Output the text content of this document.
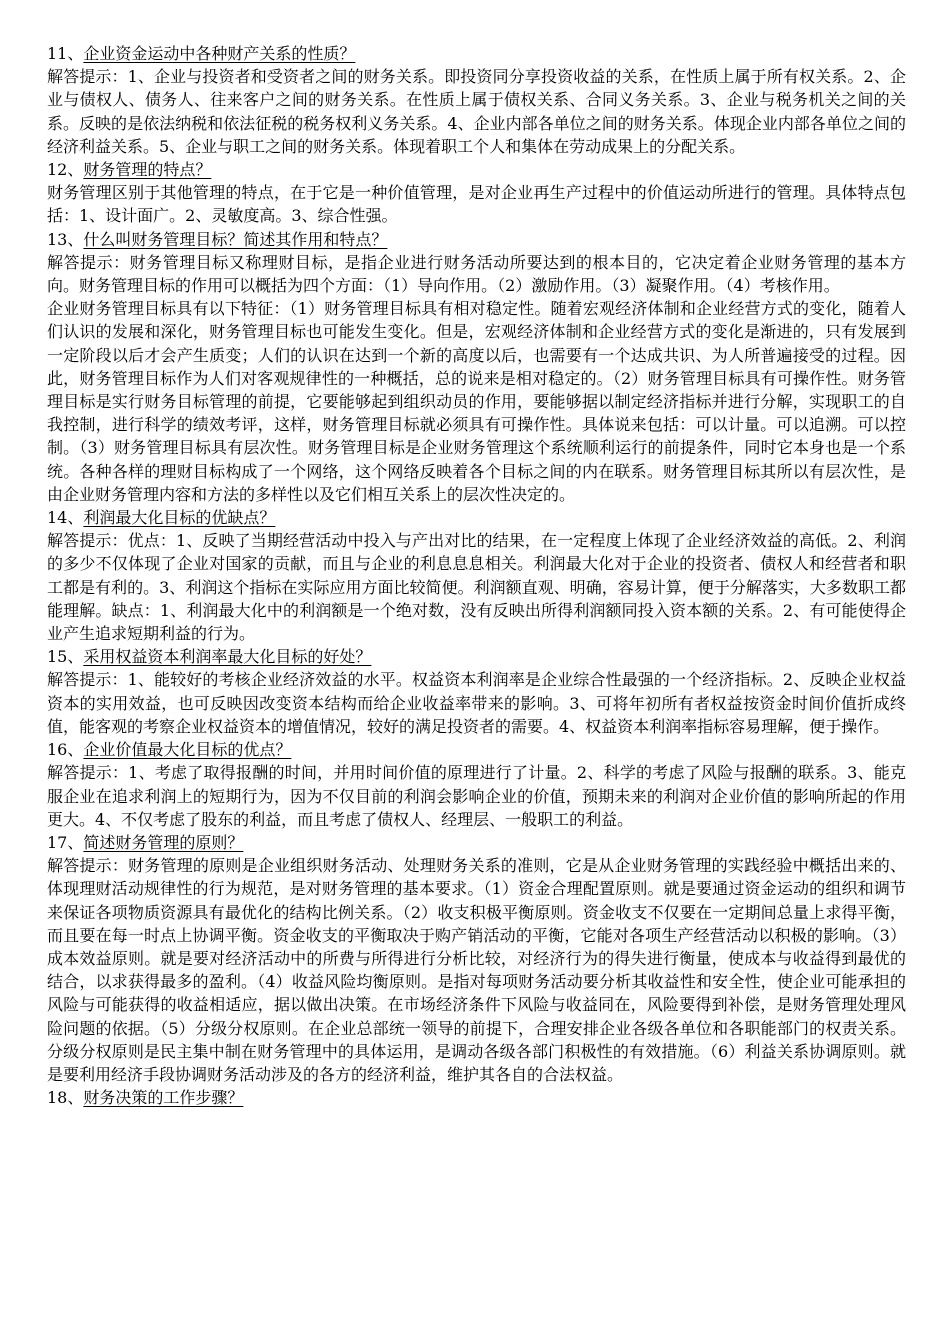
11、企业资金运动中各种财产关系的性质？

解答提示：1、企业与投资者和受资者之间的财务关系。即投资同分享投资收益的关系，在性质上属于所有权关系。2、企业与债权人、债务人、往来客户之间的财务关系。在性质上属于债权关系、合同义务关系。3、企业与税务机关之间的关系。反映的是依法纳税和依法征税的税务权利义务关系。4、企业内部各单位之间的财务关系。体现企业内部各单位之间的经济利益关系。5、企业与职工之间的财务关系。体现着职工个人和集体在劳动成果上的分配关系。

12、财务管理的特点？

财务管理区别于其他管理的特点，在于它是一种价值管理，是对企业再生产过程中的价值运动所进行的管理。具体特点包括：1、设计面广。2、灵敏度高。3、综合性强。

13、什么叫财务管理目标？简述其作用和特点？

解答提示：财务管理目标又称理财目标，是指企业进行财务活动所要达到的根本目的，它决定着企业财务管理的基本方向。财务管理目标的作用可以概括为四个方面：（1）导向作用。（2）激励作用。（3）凝聚作用。（4）考核作用。

企业财务管理目标具有以下特征：（1）财务管理目标具有相对稳定性。随着宏观经济体制和企业经营方式的变化，随着人们认识的发展和深化，财务管理目标也可能发生变化。但是，宏观经济体制和企业经营方式的变化是渐进的，只有发展到一定阶段以后才会产生质变；人们的认识在达到一个新的高度以后，也需要有一个达成共识、为人所普遍接受的过程。因此，财务管理目标作为人们对客观规律性的一种概括，总的说来是相对稳定的。（2）财务管理目标具有可操作性。财务管理目标是实行财务目标管理的前提，它要能够起到组织动员的作用，要能够据以制定经济指标并进行分解，实现职工的自我控制，进行科学的绩效考评，这样，财务管理目标就必须具有可操作性。具体说来包括：可以计量。可以追溯。可以控制。（3）财务管理目标具有层次性。财务管理目标是企业财务管理这个系统顺利运行的前提条件，同时它本身也是一个系统。各种各样的理财目标构成了一个网络，这个网络反映着各个目标之间的内在联系。财务管理目标其所以有层次性，是由企业财务管理内容和方法的多样性以及它们相互关系上的层次性决定的。

14、利润最大化目标的优缺点？

解答提示：优点：1、反映了当期经营活动中投入与产出对比的结果，在一定程度上体现了企业经济效益的高低。2、利润的多少不仅体现了企业对国家的贡献，而且与企业的利息息息相关。利润最大化对于企业的投资者、债权人和经营者和职工都是有利的。3、利润这个指标在实际应用方面比较简便。利润额直观、明确，容易计算，便于分解落实，大多数职工都能理解。缺点：1、利润最大化中的利润额是一个绝对数，没有反映出所得利润额同投入资本额的关系。2、有可能使得企业产生追求短期利益的行为。

15、采用权益资本利润率最大化目标的好处？

解答提示：1、能较好的考核企业经济效益的水平。权益资本利润率是企业综合性最强的一个经济指标。2、反映企业权益资本的实用效益，也可反映因改变资本结构而给企业收益率带来的影响。3、可将年初所有者权益按资金时间价值折成终值，能客观的考察企业权益资本的增值情况，较好的满足投资者的需要。4、权益资本利润率指标容易理解，便于操作。

16、企业价值最大化目标的优点？

解答提示：1、考虑了取得报酬的时间，并用时间价值的原理进行了计量。2、科学的考虑了风险与报酬的联系。3、能克服企业在追求利润上的短期行为，因为不仅目前的利润会影响企业的价值，预期未来的利润对企业价值的影响所起的作用更大。4、不仅考虑了股东的利益，而且考虑了债权人、经理层、一般职工的利益。

17、简述财务管理的原则？

解答提示：财务管理的原则是企业组织财务活动、处理财务关系的准则，它是从企业财务管理的实践经验中概括出来的、体现理财活动规律性的行为规范，是对财务管理的基本要求。（1）资金合理配置原则。就是要通过资金运动的组织和调节来保证各项物质资源具有最优化的结构比例关系。（2）收支积极平衡原则。资金收支不仅要在一定期间总量上求得平衡，而且要在每一时点上协调平衡。资金收支的平衡取决于购产销活动的平衡，它能对各项生产经营活动以积极的影响。（3）成本效益原则。就是要对经济活动中的所费与所得进行分析比较，对经济行为的得失进行衡量，使成本与收益得到最优的结合，以求获得最多的盈利。（4）收益风险均衡原则。是指对每项财务活动要分析其收益性和安全性，使企业可能承担的风险与可能获得的收益相适应，据以做出决策。在市场经济条件下风险与收益同在，风险要得到补偿，是财务管理处理风险问题的依据。（5）分级分权原则。在企业总部统一领导的前提下，合理安排企业各级各单位和各职能部门的权责关系。分级分权原则是民主集中制在财务管理中的具体运用，是调动各级各部门积极性的有效措施。（6）利益关系协调原则。就是要利用经济手段协调财务活动涉及的各方的经济利益，维护其各自的合法权益。

18、财务决策的工作步骤？
